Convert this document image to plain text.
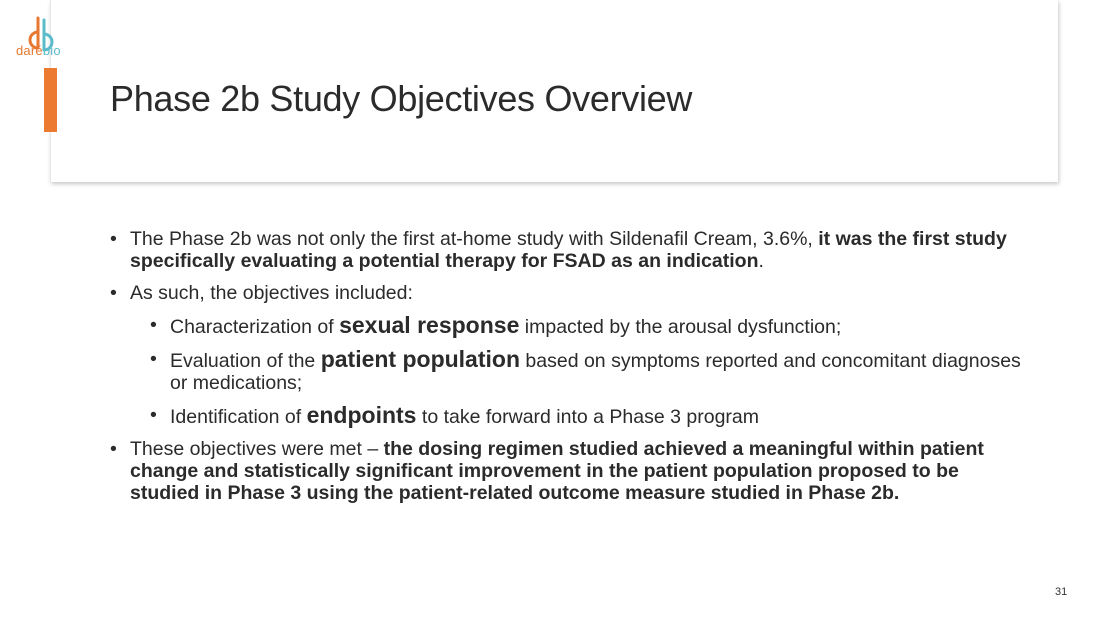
darébio
Phase 2b Study Objectives Overview
• The Phase 2b was not only the first at-home study with Sildenafil Cream, 3.6%, it was the first study specifically evaluating a potential therapy for FSAD as an indication.
• As such, the objectives included:
• Characterization of sexual response impacted by the arousal dysfunction;
• Evaluation of the patient population based on symptoms reported and concomitant diagnoses or medications;
• Identification of endpoints to take forward into a Phase 3 program
• These objectives were met – the dosing regimen studied achieved a meaningful within patient change and statistically significant improvement in the patient population proposed to be studied in Phase 3 using the patient-related outcome measure studied in Phase 2b.
31
